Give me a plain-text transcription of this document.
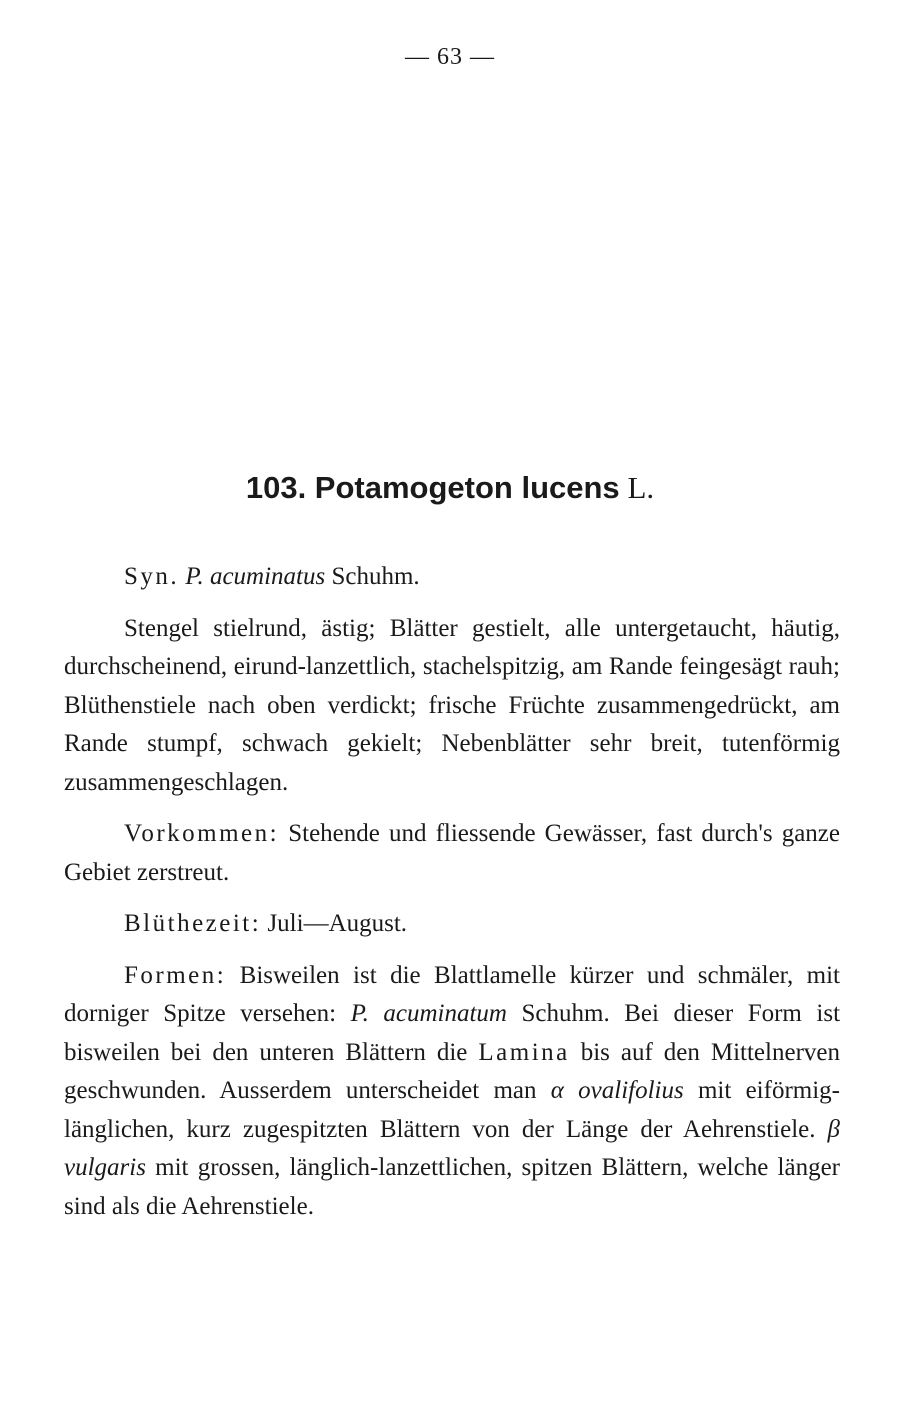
— 63 —
103. Potamogeton lucens L.

Syn. P. acuminatus Schuhm.

Stengel stielrund, ästig; Blätter gestielt, alle untergetaucht, häutig, durchscheinend, eirund-lanzettlich, stachelspitzig, am Rande feingesägt rauh; Blüthenstiele nach oben verdickt; frische Früchte zusammengedrückt, am Rande stumpf, schwach gekielt; Nebenblätter sehr breit, tutenförmig zusammengeschlagen.

Vorkommen: Stehende und fliessende Gewässer, fast durch's ganze Gebiet zerstreut.

Blüthezeit: Juli—August.

Formen: Bisweilen ist die Blattlamelle kürzer und schmäler, mit dorniger Spitze versehen: P. acuminatum Schuhm. Bei dieser Form ist bisweilen bei den unteren Blättern die Lamina bis auf den Mittelnerven geschwunden. Ausserdem unterscheidet man α ovalifolius mit eiförmig-länglichen, kurz zugespitzten Blättern von der Länge der Aehrenstiele. β vulgaris mit grossen, länglich-lanzettlichen, spitzen Blättern, welche länger sind als die Aehrenstiele.
